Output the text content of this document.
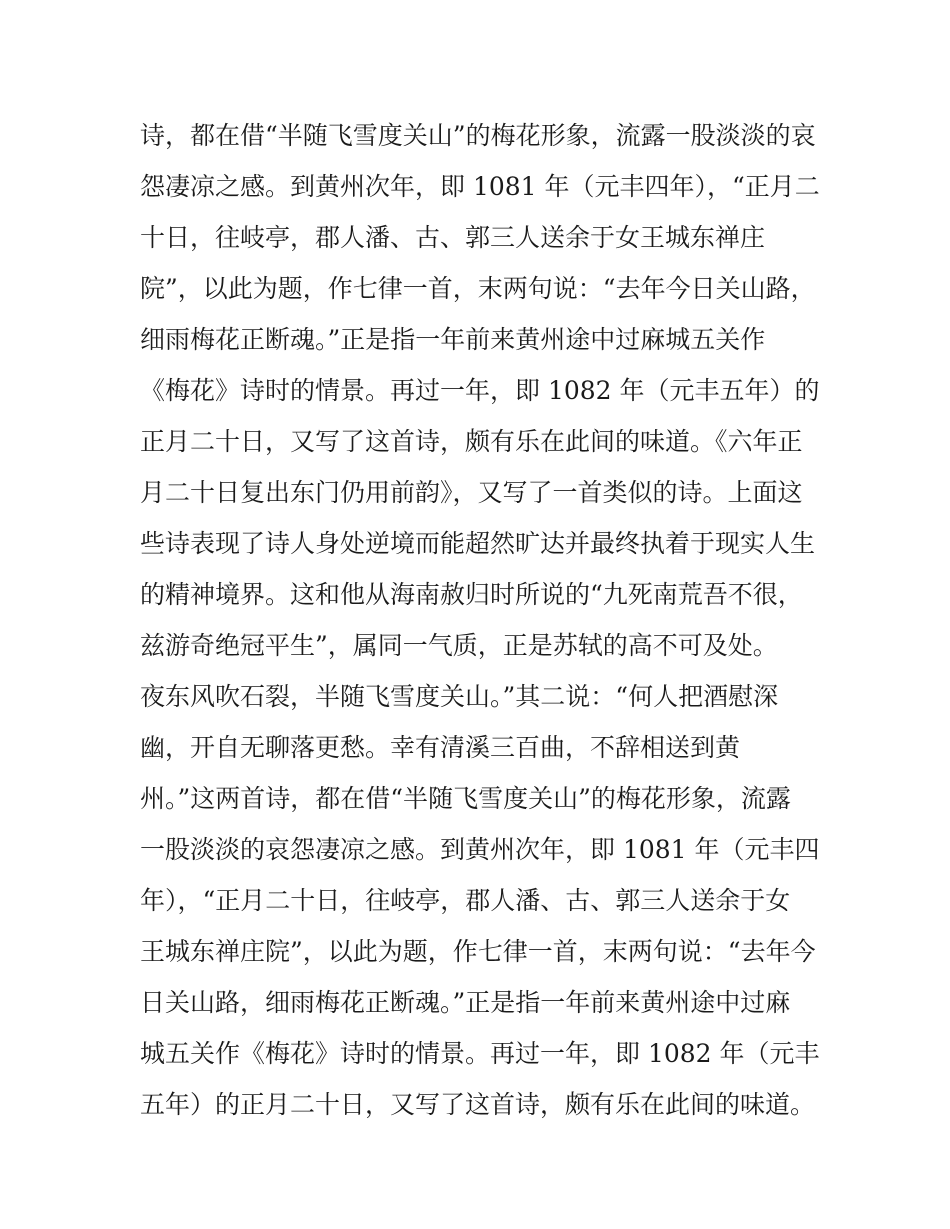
诗，都在借“半随飞雪度关山”的梅花形象，流露一股淡淡的哀
怨凄凉之感。到黄州次年，即 1081 年（元丰四年），“正月二
十日，往岐亭，郡人潘、古、郭三人送余于女王城东禅庄
院”，以此为题，作七律一首，末两句说：“去年今日关山路，
细雨梅花正断魂。”正是指一年前来黄州途中过麻城五关作
《梅花》诗时的情景。再过一年，即 1082 年（元丰五年）的
正月二十日，又写了这首诗，颇有乐在此间的味道。《六年正
月二十日复出东门仍用前韵》，又写了一首类似的诗。上面这
些诗表现了诗人身处逆境而能超然旷达并最终执着于现实人生
的精神境界。这和他从海南赦归时所说的“九死南荒吾不很，
兹游奇绝冠平生”，属同一气质，正是苏轼的高不可及处。
夜东风吹石裂，半随飞雪度关山。”其二说：“何人把酒慰深
幽，开自无聊落更愁。幸有清溪三百曲，不辞相送到黄
州。”这两首诗，都在借“半随飞雪度关山”的梅花形象，流露
一股淡淡的哀怨凄凉之感。到黄州次年，即 1081 年（元丰四
年），“正月二十日，往岐亭，郡人潘、古、郭三人送余于女
王城东禅庄院”，以此为题，作七律一首，末两句说：“去年今
日关山路，细雨梅花正断魂。”正是指一年前来黄州途中过麻
城五关作《梅花》诗时的情景。再过一年，即 1082 年（元丰
五年）的正月二十日，又写了这首诗，颇有乐在此间的味道。
